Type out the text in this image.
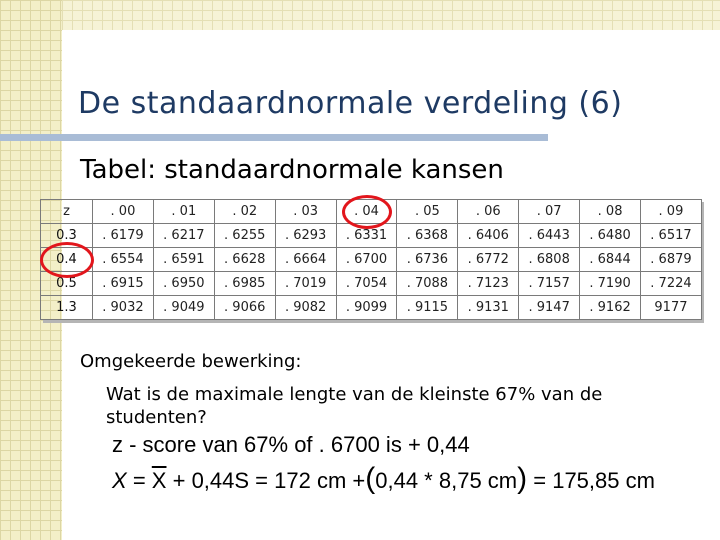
De standaardnormale verdeling (6)
Tabel: standaardnormale kansen
z	. 00	. 01	. 02	. 03	. 04	. 05	. 06	. 07	. 08	. 09
0.3	. 6179	. 6217	. 6255	. 6293	. 6331	. 6368	. 6406	. 6443	. 6480	. 6517
0.4	. 6554	. 6591	. 6628	. 6664	. 6700	. 6736	. 6772	. 6808	. 6844	. 6879
0.5	. 6915	. 6950	. 6985	. 7019	. 7054	. 7088	. 7123	. 7157	. 7190	. 7224
1.3	. 9032	. 9049	. 9066	. 9082	. 9099	. 9115	. 9131	. 9147	. 9162	9177
Omgekeerde bewerking:
Wat is de maximale lengte van de kleinste 67% van de studenten?
z - score van 67% of . 6700 is + 0,44
$X = \overline{X} + 0,44S = 172$ cm +(0,44 * 8,75 cm) = 175,85 cm
